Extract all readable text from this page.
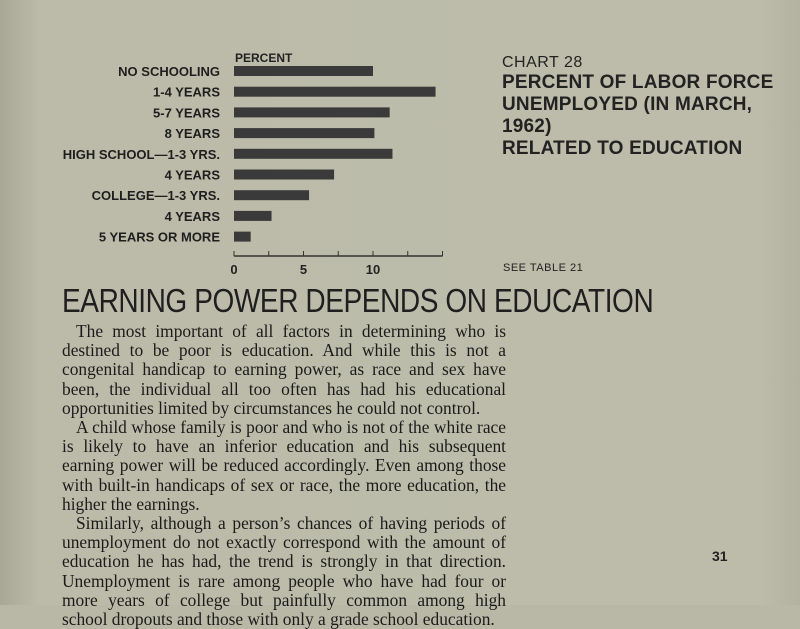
PERCENT
NO SCHOOLING
1-4 YEARS
5-7 YEARS
8 YEARS
HIGH SCHOOL—1-3 YRS.
4 YEARS
COLLEGE—1-3 YRS.
4 YEARS
5 YEARS OR MORE
0	5	10
CHART 28
PERCENT OF LABOR FORCE
UNEMPLOYED (IN MARCH, 1962)
RELATED TO EDUCATION
SEE TABLE 21
EARNING POWER DEPENDS ON EDUCATION

The most important of all factors in determining who is destined to be poor is education. And while this is not a congenital handicap to earning power, as race and sex have been, the individual all too often has had his educational opportunities limited by circumstances he could not control.

A child whose family is poor and who is not of the white race is likely to have an inferior education and his subsequent earning power will be reduced accordingly. Even among those with built-in handicaps of sex or race, the more education, the higher the earnings.

Similarly, although a person’s chances of having periods of unemployment do not exactly correspond with the amount of education he has had, the trend is strongly in that direction. Unemployment is rare among people who have had four or more years of college but painfully common among high school dropouts and those with only a grade school education.

31
